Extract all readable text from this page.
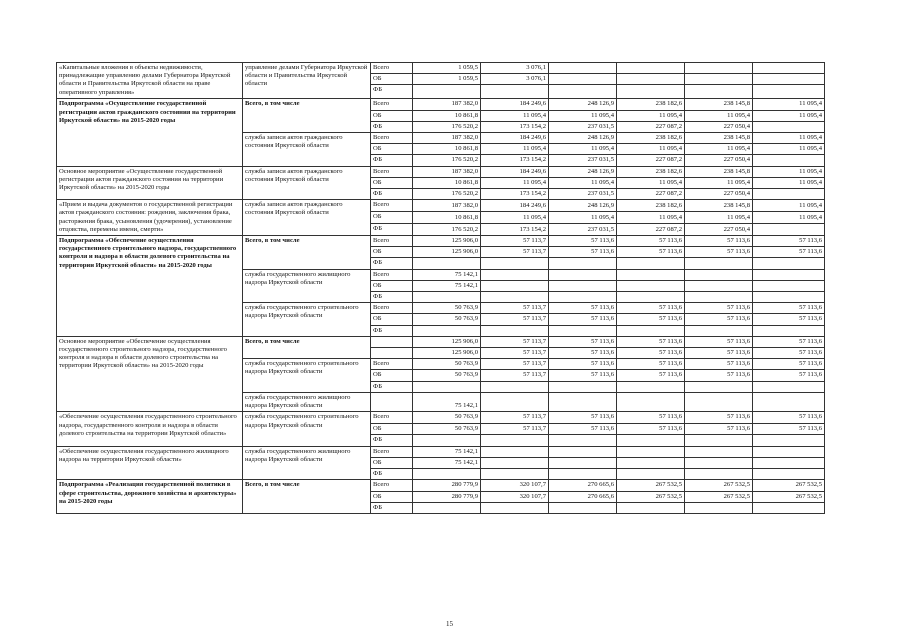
«Капитальные вложения в объекты недвижимости, принадлежащие управлению делами Губернатора Иркутской области и Правительства Иркутской области на праве оперативного управления»	управление делами Губернатора Иркутской области и Правительства Иркутской области	Всего	1 059,5	3 076,1				
		ОБ	1 059,5	3 076,1				
		ФБ						
Подпрограмма «Осуществление государственной регистрации актов гражданского состояния на территории Иркутской области» на 2015-2020 годы	Всего, в том числе	Всего	187 382,0	184 249,6	248 126,9	238 182,6	238 145,8	11 095,4
		ОБ	10 861,8	11 095,4	11 095,4	11 095,4	11 095,4	11 095,4
		ФБ	176 520,2	173 154,2	237 031,5	227 087,2	227 050,4	
	служба записи актов гражданского состояния Иркутской области	Всего	187 382,0	184 249,6	248 126,9	238 182,6	238 145,8	11 095,4
		ОБ	10 861,8	11 095,4	11 095,4	11 095,4	11 095,4	11 095,4
		ФБ	176 520,2	173 154,2	237 031,5	227 087,2	227 050,4	
Основное мероприятие «Осуществление государственной регистрации актов гражданского состояния на территории Иркутской области» на 2015-2020 годы	служба записи актов гражданского состояния Иркутской области	Всего	187 382,0	184 249,6	248 126,9	238 182,6	238 145,8	11 095,4
		ОБ	10 861,8	11 095,4	11 095,4	11 095,4	11 095,4	11 095,4
		ФБ	176 520,2	173 154,2	237 031,5	227 087,2	227 050,4	
«Прием и выдача документов о государственной регистрации актов гражданского состояния: рождения, заключения брака, расторжения брака, усыновления (удочерения), установление отцовства, перемены имени, смерти»	служба записи актов гражданского состояния Иркутской области	Всего	187 382,0	184 249,6	248 126,9	238 182,6	238 145,8	11 095,4
		ОБ	10 861,8	11 095,4	11 095,4	11 095,4	11 095,4	11 095,4
		ФБ	176 520,2	173 154,2	237 031,5	227 087,2	227 050,4	
Подпрограмма «Обеспечение осуществления государственного строительного надзора, государственного контроля и надзора в области долевого строительства на территории Иркутской области» на 2015-2020 годы	Всего, в том числе	Всего	125 906,0	57 113,7	57 113,6	57 113,6	57 113,6	57 113,6
		ОБ	125 906,0	57 113,7	57 113,6	57 113,6	57 113,6	57 113,6
		ФБ						
	служба государственного жилищного надзора Иркутской области	Всего	75 142,1					
		ОБ	75 142,1					
		ФБ						
	служба государственного строительного надзора Иркутской области	Всего	50 763,9	57 113,7	57 113,6	57 113,6	57 113,6	57 113,6
		ОБ	50 763,9	57 113,7	57 113,6	57 113,6	57 113,6	57 113,6
		ФБ						
Основное мероприятие «Обеспечение осуществления государственного строительного надзора, государственного контроля и надзора в области долевого строительства на территории Иркутской области» на 2015-2020 годы	Всего, в том числе		125 906,0	57 113,7	57 113,6	57 113,6	57 113,6	57 113,6
			125 906,0	57 113,7	57 113,6	57 113,6	57 113,6	57 113,6
	служба государственного строительного надзора Иркутской области	Всего	50 763,9	57 113,7	57 113,6	57 113,6	57 113,6	57 113,6
		ОБ	50 763,9	57 113,7	57 113,6	57 113,6	57 113,6	57 113,6
		ФБ						
	служба государственного жилищного надзора Иркутской области		75 142,1					
«Обеспечение осуществления государственного строительного надзора, государственного контроля и надзора в области долевого строительства на территории Иркутской области»	служба государственного строительного надзора Иркутской области	Всего	50 763,9	57 113,7	57 113,6	57 113,6	57 113,6	57 113,6
		ОБ	50 763,9	57 113,7	57 113,6	57 113,6	57 113,6	57 113,6
		ФБ						
«Обеспечение осуществления государственного жилищного надзора на территории Иркутской области»	служба государственного жилищного надзора Иркутской области	Всего	75 142,1					
		ОБ	75 142,1					
		ФБ						
Подпрограмма «Реализация государственной политики в сфере строительства, дорожного хозяйства и архитектуры» на 2015-2020 годы	Всего, в том числе	Всего	280 779,9	320 107,7	270 665,6	267 532,5	267 532,5	267 532,5
		ОБ	280 779,9	320 107,7	270 665,6	267 532,5	267 532,5	267 532,5
		ФБ						
15
